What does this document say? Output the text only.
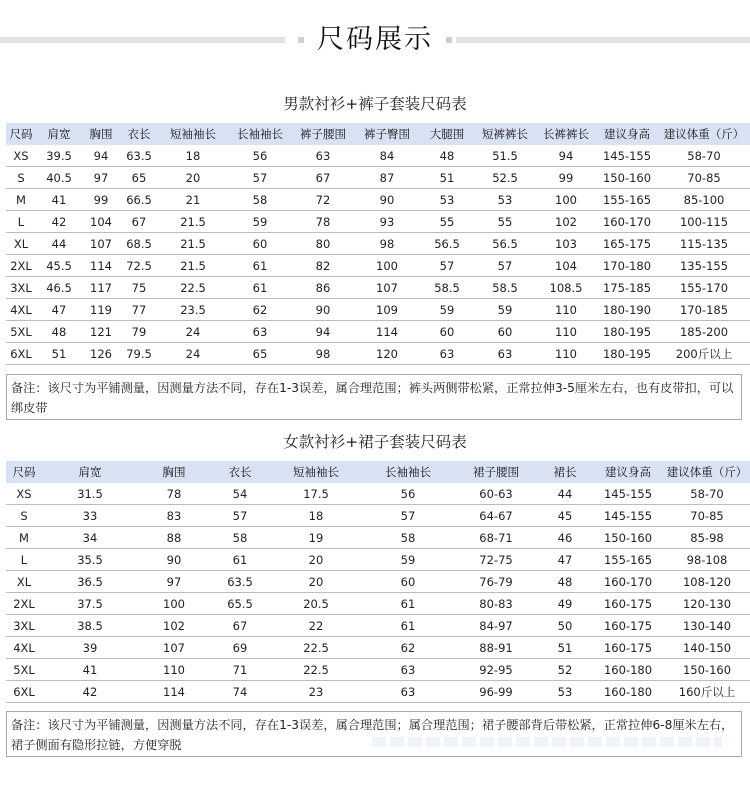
尺码展示
男款衬衫+裤子套装尺码表
尺码	肩宽	胸围	衣长	短袖袖长	长袖袖长	裤子腰围	裤子臀围	大腿围	短裤裤长	长裤裤长	建议身高	建议体重（斤）
XS	39.5	94	63.5	18	56	63	84	48	51.5	94	145-155	58-70
S	40.5	97	65	20	57	67	87	51	52.5	99	150-160	70-85
M	41	99	66.5	21	58	72	90	53	53	100	155-165	85-100
L	42	104	67	21.5	59	78	93	55	55	102	160-170	100-115
XL	44	107	68.5	21.5	60	80	98	56.5	56.5	103	165-175	115-135
2XL	45.5	114	72.5	21.5	61	82	100	57	57	104	170-180	135-155
3XL	46.5	117	75	22.5	61	86	107	58.5	58.5	108.5	175-185	155-170
4XL	47	119	77	23.5	62	90	109	59	59	110	180-190	170-185
5XL	48	121	79	24	63	94	114	60	60	110	180-195	185-200
6XL	51	126	79.5	24	65	98	120	63	63	110	180-195	200斤以上
备注：该尺寸为平铺测量，因测量方法不同，存在1-3误差，属合理范围；裤头两侧带松紧，正常拉伸3-5厘米左右，也有皮带扣，可以绑皮带
女款衬衫+裙子套装尺码表
尺码	肩宽	胸围	衣长	短袖袖长	长袖袖长	裙子腰围	裙长	建议身高	建议体重（斤）
XS	31.5	78	54	17.5	56	60-63	44	145-155	58-70
S	33	83	57	18	57	64-67	45	145-155	70-85
M	34	88	58	19	58	68-71	46	150-160	85-98
L	35.5	90	61	20	59	72-75	47	155-165	98-108
XL	36.5	97	63.5	20	60	76-79	48	160-170	108-120
2XL	37.5	100	65.5	20.5	61	80-83	49	160-175	120-130
3XL	38.5	102	67	22	61	84-97	50	160-175	130-140
4XL	39	107	69	22.5	62	88-91	51	160-175	140-150
5XL	41	110	71	22.5	63	92-95	52	160-180	150-160
6XL	42	114	74	23	63	96-99	53	160-180	160斤以上
备注：该尺寸为平铺测量，因测量方法不同，存在1-3误差，属合理范围；属合理范围；裙子腰部背后带松紧，正常拉伸6-8厘米左右，裙子侧面有隐形拉链，方便穿脱
